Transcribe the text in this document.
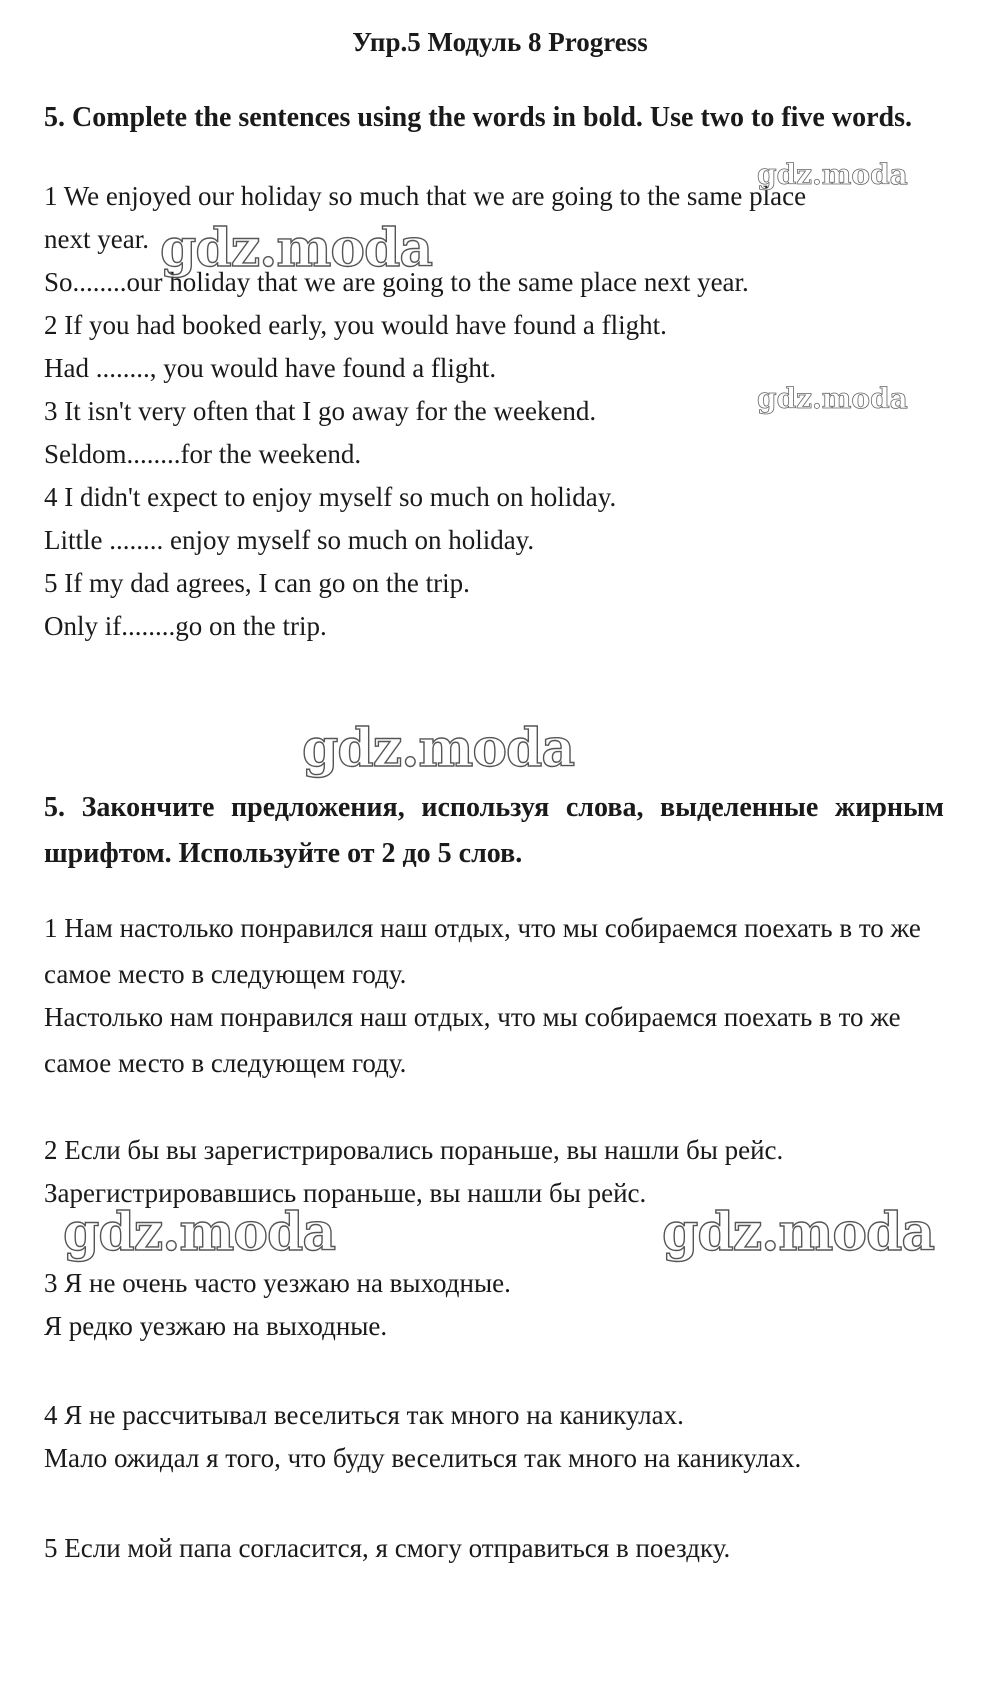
Упр.5 Модуль 8 Progress
5. Complete the sentences using the words in bold. Use two to five words.
1 We enjoyed our holiday so much that we are going to the same place
next year.
So........our holiday that we are going to the same place next year.
2 If you had booked early, you would have found a flight.
Had ........, you would have found a flight.
3 It isn't very often that I go away for the weekend.
Seldom........for the weekend.
4 I didn't expect to enjoy myself so much on holiday.
Little ........ enjoy myself so much on holiday.
5 If my dad agrees, I can go on the trip.
Only if........go on the trip.
5. Закончите предложения, используя слова, выделенные жирным шрифтом. Используйте от 2 до 5 слов.
1 Нам настолько понравился наш отдых, что мы собираемся поехать в то же самое место в следующем году.
Настолько нам понравился наш отдых, что мы собираемся поехать в то же самое место в следующем году.
2 Если бы вы зарегистрировались пораньше, вы нашли бы рейс.
Зарегистрировавшись пораньше, вы нашли бы рейс.
3 Я не очень часто уезжаю на выходные.
Я редко уезжаю на выходные.
4 Я не рассчитывал веселиться так много на каникулах.
Мало ожидал я того, что буду веселиться так много на каникулах.
5 Если мой папа согласится, я смогу отправиться в поездку.
gdz.moda
gdz.moda
gdz.moda
gdz.moda
gdz.moda	gdz.moda
